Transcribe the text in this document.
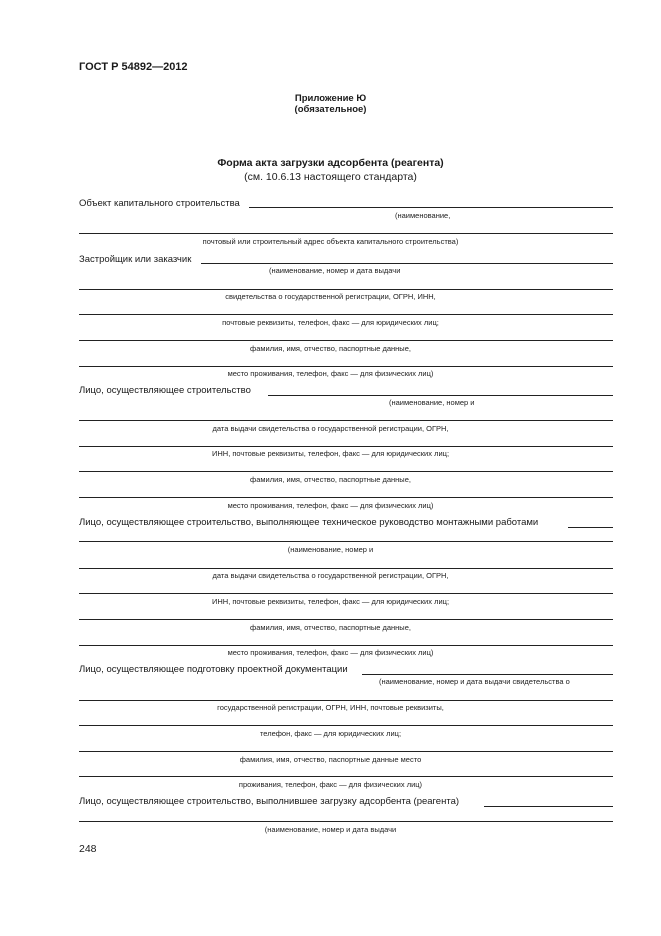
ГОСТ Р 54892—2012
Приложение Ю
(обязательное)
Форма акта загрузки адсорбента (реагента)
(см. 10.6.13 настоящего стандарта)
Объект капитального строительства
(наименование,
почтовый или строительный адрес объекта капитального строительства)
Застройщик или заказчик
(наименование, номер и дата выдачи
свидетельства о государственной регистрации, ОГРН, ИНН,
почтовые реквизиты, телефон, факс — для юридических лиц;
фамилия, имя, отчество, паспортные данные,
место проживания, телефон, факс — для физических лиц)
Лицо, осуществляющее строительство
(наименование, номер и
дата выдачи свидетельства о государственной регистрации, ОГРН,
ИНН, почтовые реквизиты, телефон, факс — для юридических лиц;
фамилия, имя, отчество, паспортные данные,
место проживания, телефон, факс — для физических лиц)
Лицо, осуществляющее строительство, выполняющее техническое руководство монтажными работами
(наименование, номер и
дата выдачи свидетельства о государственной регистрации, ОГРН,
ИНН, почтовые реквизиты, телефон, факс — для юридических лиц;
фамилия, имя, отчество, паспортные данные,
место проживания, телефон, факс — для физических лиц)
Лицо, осуществляющее подготовку проектной документации
(наименование, номер и дата выдачи свидетельства о
государственной регистрации, ОГРН, ИНН, почтовые реквизиты,
телефон, факс — для юридических лиц;
фамилия, имя, отчество, паспортные данные место
проживания, телефон, факс — для физических лиц)
Лицо, осуществляющее строительство, выполнившее загрузку адсорбента (реагента)
(наименование, номер и дата выдачи
248
